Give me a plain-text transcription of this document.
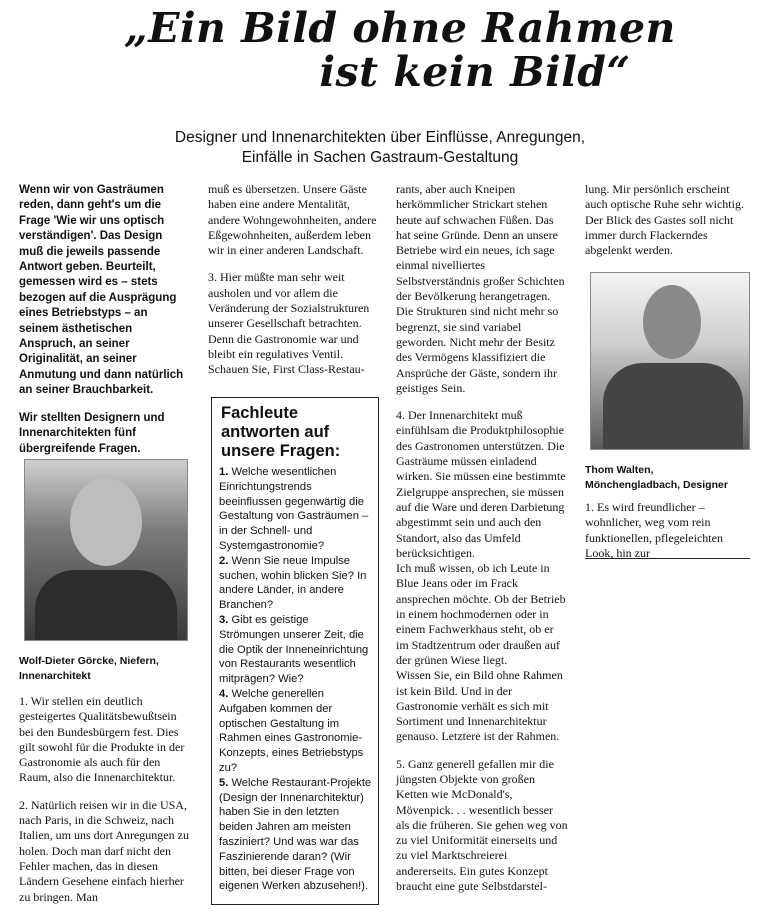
„Ein Bild ohne Rahmen
ist kein Bild“
Designer und Innenarchitekten über Einflüsse, Anregungen,
Einfälle in Sachen Gastraum-Gestaltung

Wenn wir von Gasträumen reden, dann geht's um die Frage 'Wie wir uns optisch verständigen'. Das Design muß die jeweils passende Antwort geben. Beurteilt, gemessen wird es – stets bezogen auf die Ausprägung eines Betriebstyps – an seinem ästhetischen Anspruch, an seiner Originalität, an seiner Anmutung und dann natürlich an seiner Brauchbarkeit.

Wir stellten Designern und Innenarchitekten fünf übergreifende Fragen.

Wolf-Dieter Görcke, Niefern, Innenarchitekt

1. Wir stellen ein deutlich gesteigertes Qualitätsbewußtsein bei den Bundesbürgern fest. Dies gilt sowohl für die Produkte in der Gastronomie als auch für den Raum, also die Innenarchitektur.

2. Natürlich reisen wir in die USA, nach Paris, in die Schweiz, nach Italien, um uns dort Anregungen zu holen. Doch man darf nicht den Fehler machen, das in diesen Ländern Gesehene einfach hierher zu bringen. Man

muß es übersetzen. Unsere Gäste haben eine andere Mentalität, andere Wohngewohnheiten, andere Eßgewohnheiten, außerdem leben wir in einer anderen Landschaft.

3. Hier müßte man sehr weit ausholen und vor allem die Veränderung der Sozialstrukturen unserer Gesellschaft betrachten. Denn die Gastronomie war und bleibt ein regulatives Ventil. Schauen Sie, First Class-Restau-

Fachleute
antworten auf
unsere Fragen:

1. Welche wesentlichen Einrichtungstrends beeinflussen gegenwärtig die Gestaltung von Gasträumen – in der Schnell- und Systemgastronomie?

2. Wenn Sie neue Impulse suchen, wohin blicken Sie? In andere Länder, in andere Branchen?

3. Gibt es geistige Strömungen unserer Zeit, die die Optik der Inneneinrichtung von Restaurants wesentlich mitprägen? Wie?

4. Welche generellen Aufgaben kommen der optischen Gestaltung im Rahmen eines Gastronomie-Konzepts, eines Betriebstyps zu?

5. Welche Restaurant-Projekte (Design der Innenarchitektur) haben Sie in den letzten beiden Jahren am meisten fasziniert? Und was war das Faszinierende daran? (Wir bitten, bei dieser Frage von eigenen Werken abzusehen!).

rants, aber auch Kneipen herkömmlicher Strickart stehen heute auf schwachen Füßen. Das hat seine Gründe. Denn an unsere Betriebe wird ein neues, ich sage einmal nivelliertes Selbstverständnis großer Schichten der Bevölkerung herangetragen. Die Strukturen sind nicht mehr so begrenzt, sie sind variabel geworden. Nicht mehr der Besitz des Vermögens klassifiziert die Ansprüche der Gäste, sondern ihr geistiges Sein.

4. Der Innenarchitekt muß einfühlsam die Produktphilosophie des Gastronomen unterstützen. Die Gasträume müssen einladend wirken. Sie müssen eine bestimmte Zielgruppe ansprechen, sie müssen auf die Ware und deren Darbietung abgestimmt sein und auch den Standort, also das Umfeld berücksichtigen.

Ich muß wissen, ob ich Leute in Blue Jeans oder im Frack ansprechen möchte. Ob der Betrieb in einem hochmodernen oder in einem Fachwerkhaus steht, ob er im Stadtzentrum oder draußen auf der grünen Wiese liegt.

Wissen Sie, ein Bild ohne Rahmen ist kein Bild. Und in der Gastronomie verhält es sich mit Sortiment und Innenarchitektur genauso. Letztere ist der Rahmen.

5. Ganz generell gefallen mir die jüngsten Objekte von großen Ketten wie McDonald's, Mövenpick. . . wesentlich besser als die früheren. Sie gehen weg von zu viel Uniformität einerseits und zu viel Marktschreierei andererseits. Ein gutes Konzept braucht eine gute Selbstdarstel-

lung. Mir persönlich erscheint auch optische Ruhe sehr wichtig. Der Blick des Gastes soll nicht immer durch Flackerndes abgelenkt werden.

Thom Walten, Mönchengladbach, Designer

1. Es wird freundlicher – wohnlicher, weg vom rein funktionellen, pflegeleichten Look, hin zur
